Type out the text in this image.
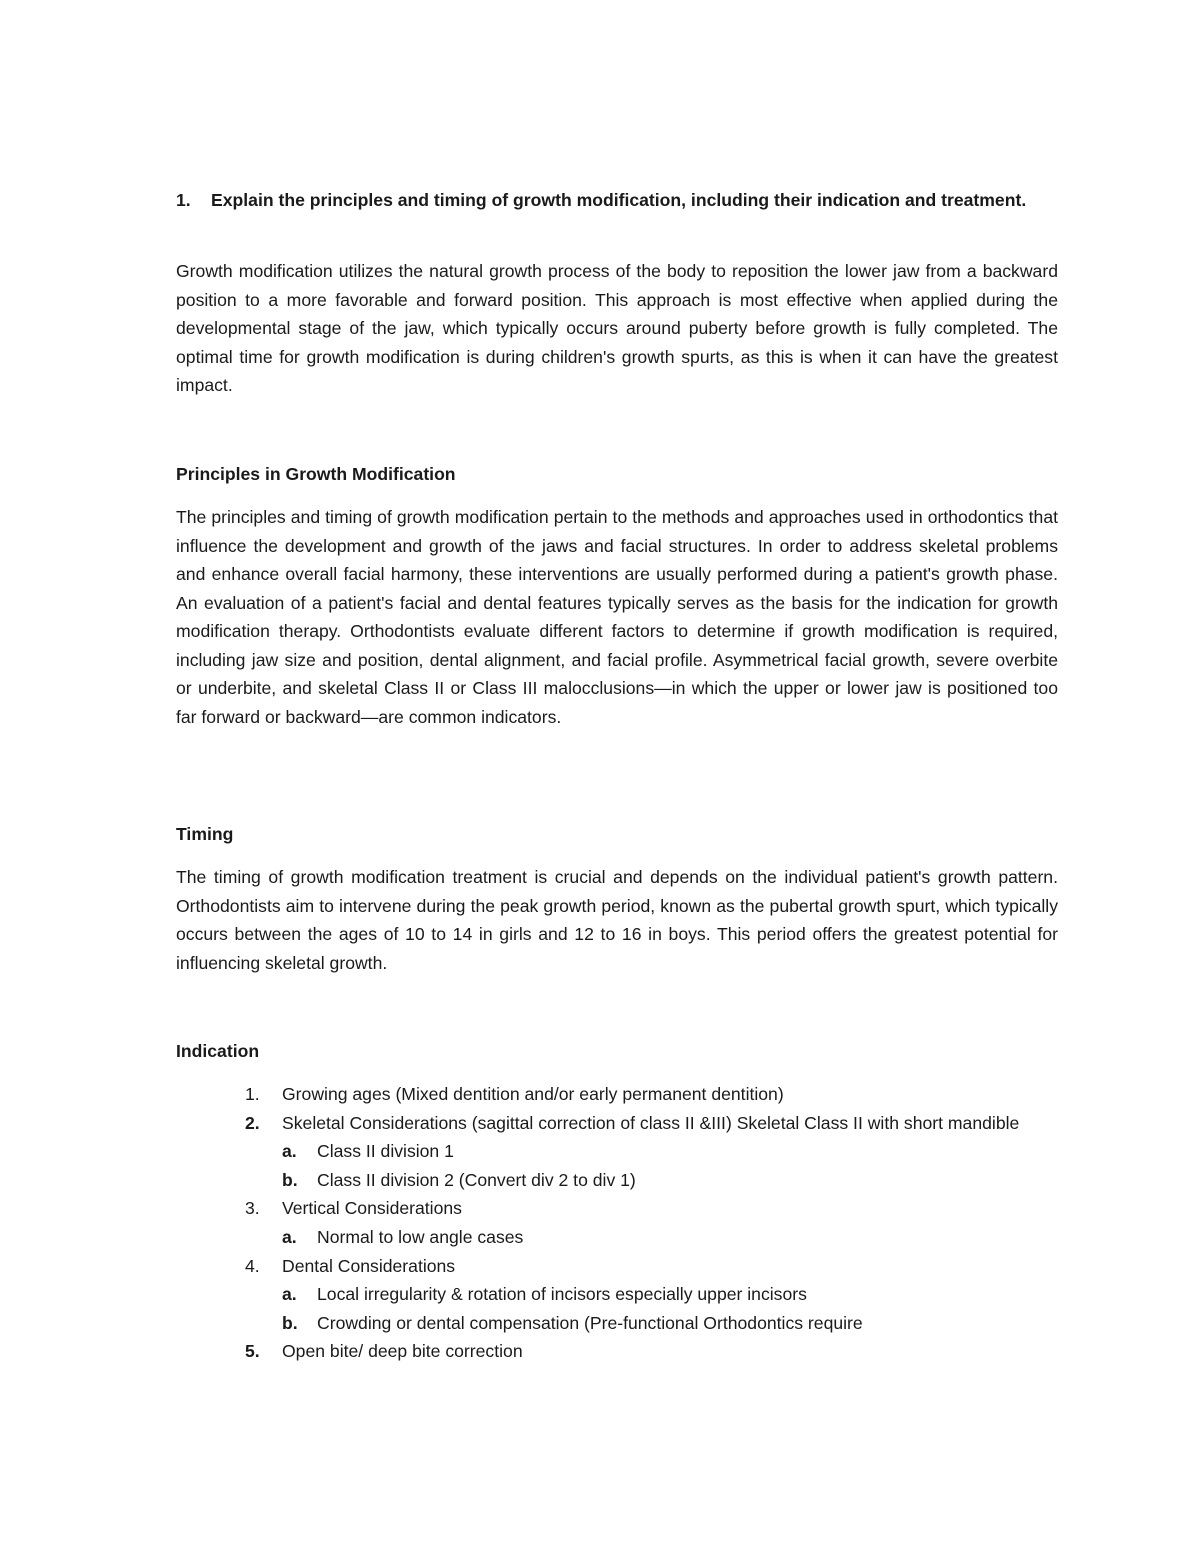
1.	Explain the principles and timing of growth modification, including their indication and treatment.

Growth modification utilizes the natural growth process of the body to reposition the lower jaw from a backward position to a more favorable and forward position. This approach is most effective when applied during the developmental stage of the jaw, which typically occurs around puberty before growth is fully completed. The optimal time for growth modification is during children's growth spurts, as this is when it can have the greatest impact.

Principles in Growth Modification

The principles and timing of growth modification pertain to the methods and approaches used in orthodontics that influence the development and growth of the jaws and facial structures. In order to address skeletal problems and enhance overall facial harmony, these interventions are usually performed during a patient's growth phase. An evaluation of a patient's facial and dental features typically serves as the basis for the indication for growth modification therapy. Orthodontists evaluate different factors to determine if growth modification is required, including jaw size and position, dental alignment, and facial profile. Asymmetrical facial growth, severe overbite or underbite, and skeletal Class II or Class III malocclusions—in which the upper or lower jaw is positioned too far forward or backward—are common indicators.

Timing

The timing of growth modification treatment is crucial and depends on the individual patient's growth pattern. Orthodontists aim to intervene during the peak growth period, known as the pubertal growth spurt, which typically occurs between the ages of 10 to 14 in girls and 12 to 16 in boys. This period offers the greatest potential for influencing skeletal growth.

Indication

1. Growing ages (Mixed dentition and/or early permanent dentition)
2. Skeletal Considerations (sagittal correction of class II &III) Skeletal Class II with short mandible
a. Class II division 1
b. Class II division 2 (Convert div 2 to div 1)
3. Vertical Considerations
a. Normal to low angle cases
4. Dental Considerations
a. Local irregularity & rotation of incisors especially upper incisors
b. Crowding or dental compensation (Pre-functional Orthodontics require
5. Open bite/ deep bite correction
